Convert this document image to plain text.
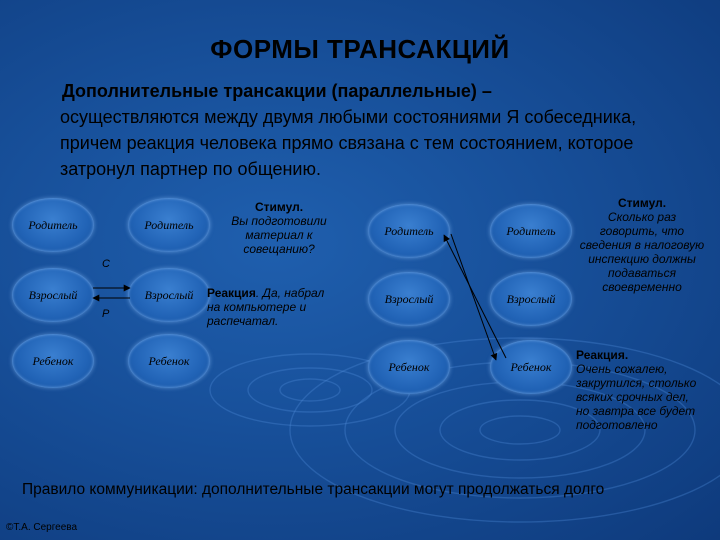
ФОРМЫ ТРАНСАКЦИЙ
Дополнительные трансакции (параллельные) –
осуществляются между двумя любыми состояниями Я собеседника, причем реакция человека прямо связана с тем состоянием, которое затронул партнер по общению.
Родитель
Взрослый
Ребенок
Родитель
Взрослый
Ребенок
С
Р
Стимул.
Вы подготовили материал к совещанию?
Реакция. Да, набрал на компьютере и распечатал.
Родитель
Взрослый
Ребенок
Родитель
Взрослый
Ребенок
Стимул.
Сколько раз говорить, что сведения в налоговую инспекцию должны подаваться своевременно
Реакция.
Очень сожалею, закрутился, столько всяких срочных дел, но завтра все будет подготовлено
Правило коммуникации: дополнительные трансакции могут продолжаться долго
©Т.А. Сергеева
